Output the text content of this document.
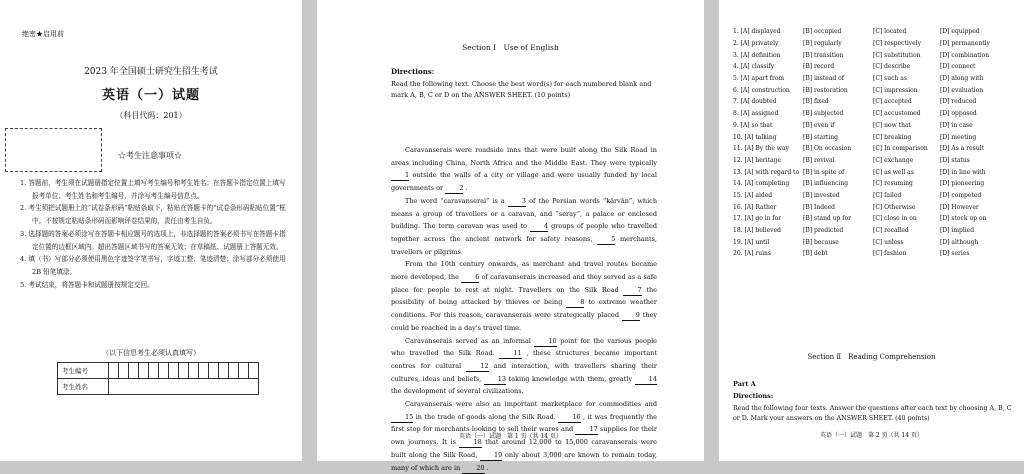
绝密★启用前
2023 年全国硕士研究生招生考试
英语（一）试题
（科目代码：201）
☆考生注意事项☆
1. 答题前，考生须在试题册指定位置上填写考生编号和考生姓名；在答题卡指定位置上填写报考单位、考生姓名和考生编号，并涂写考生编号信息点。
2. 考生须把试题册上的“试卷条形码”粘贴条取下，粘贴在答题卡的“试卷条形码粘贴位置”框中。不按规定粘贴条形码而影响评卷结果的，责任由考生自负。
3. 选择题的答案必须涂写在答题卡相应题号的选项上，非选择题的答案必须书写在答题卡指定位置的边框区域内。超出答题区域书写的答案无效；在草稿纸、试题册上答题无效。
4. 填（书）写部分必须使用黑色字迹签字笔书写，字迹工整、笔迹清楚；涂写部分必须使用 2B 铅笔填涂。
5. 考试结束，将答题卡和试题册按规定交回。
（以下信息考生必须认真填写）
考生编号															
考生姓名															
Section Ⅰ　Use of English
Directions:
Read the following text. Choose the best word(s) for each numbered blank and mark A, B, C or D on the ANSWER SHEET. (10 points)

Caravanserais were roadside inns that were built along the Silk Road in areas including China, North Africa and the Middle East. They were typically 1 outside the walls of a city or village and were usually funded by local governments or 2 .

The word “caravanserai” is a 3 of the Persian words “kārvān”, which means a group of travellers or a caravan, and “seray”, a palace or enclosed building. The term caravan was used to 4 groups of people who travelled together across the ancient network for safety reasons, 5 merchants, travellers or pilgrims.

From the 10th century onwards, as merchant and travel routes became more developed, the 6 of caravanserais increased and they served as a safe place for people to rest at night. Travellers on the Silk Road 7 the possibility of being attacked by thieves or being 8 to extreme weather conditions. For this reason, caravanserais were strategically placed 9 they could be reached in a day's travel time.

Caravanserais served as an informal 10 point for the various people who travelled the Silk Road. 11 , these structures became important centres for cultural 12 and interaction, with travellers sharing their cultures, ideas and beliefs, 13 taking knowledge with them, greatly 14 the development of several civilizations.

Caravanserais were also an important marketplace for commodities and 15 in the trade of goods along the Silk Road. 16 , it was frequently the first stop for merchants looking to sell their wares and 17 supplies for their own journeys. It is 18 that around 12,000 to 15,000 caravanserais were built along the Silk Road, 19 only about 3,000 are known to remain today, many of which are in 20 .

英语（一）试题　第 1 页（共 14 页）
1. [A] displayed	[B] occupied	[C] located	[D] equipped
2. [A] privately	[B] regularly	[C] respectively	[D] permanently
3. [A] definition	[B] transition	[C] substitution	[D] combination
4. [A] classify	[B] record	[C] describe	[D] connect
5. [A] apart from	[B] instead of	[C] such as	[D] along with
6. [A] construction	[B] restoration	[C] impression	[D] evaluation
7. [A] doubted	[B] fixed	[C] accepted	[D] reduced
8. [A] assigned	[B] subjected	[C] accustomed	[D] opposed
9. [A] so that	[B] even if	[C] now that	[D] in case
10. [A] talking	[B] starting	[C] breaking	[D] meeting
11. [A] By the way	[B] On occasion	[C] In comparison	[D] As a result
12. [A] heritage	[B] revival	[C] exchange	[D] status
13. [A] with regard to	[B] in spite of	[C] as well as	[D] in line with
14. [A] completing	[B] influencing	[C] resuming	[D] pioneering
15. [A] aided	[B] invested	[C] failed	[D] competed
16. [A] Rather	[B] Indeed	[C] Otherwise	[D] However
17. [A] go in for	[B] stand up for	[C] close in on	[D] stock up on
18. [A] believed	[B] predicted	[C] recalled	[D] implied
19. [A] until	[B] because	[C] unless	[D] although
20. [A] ruins	[B] debt	[C] fashion	[D] series
Section Ⅱ　Reading Comprehension
Part A
Directions:
Read the following four texts. Answer the questions after each text by choosing A, B, C or D. Mark your answers on the ANSWER SHEET. (40 points)
英语（一）试题　第 2 页（共 14 页）
